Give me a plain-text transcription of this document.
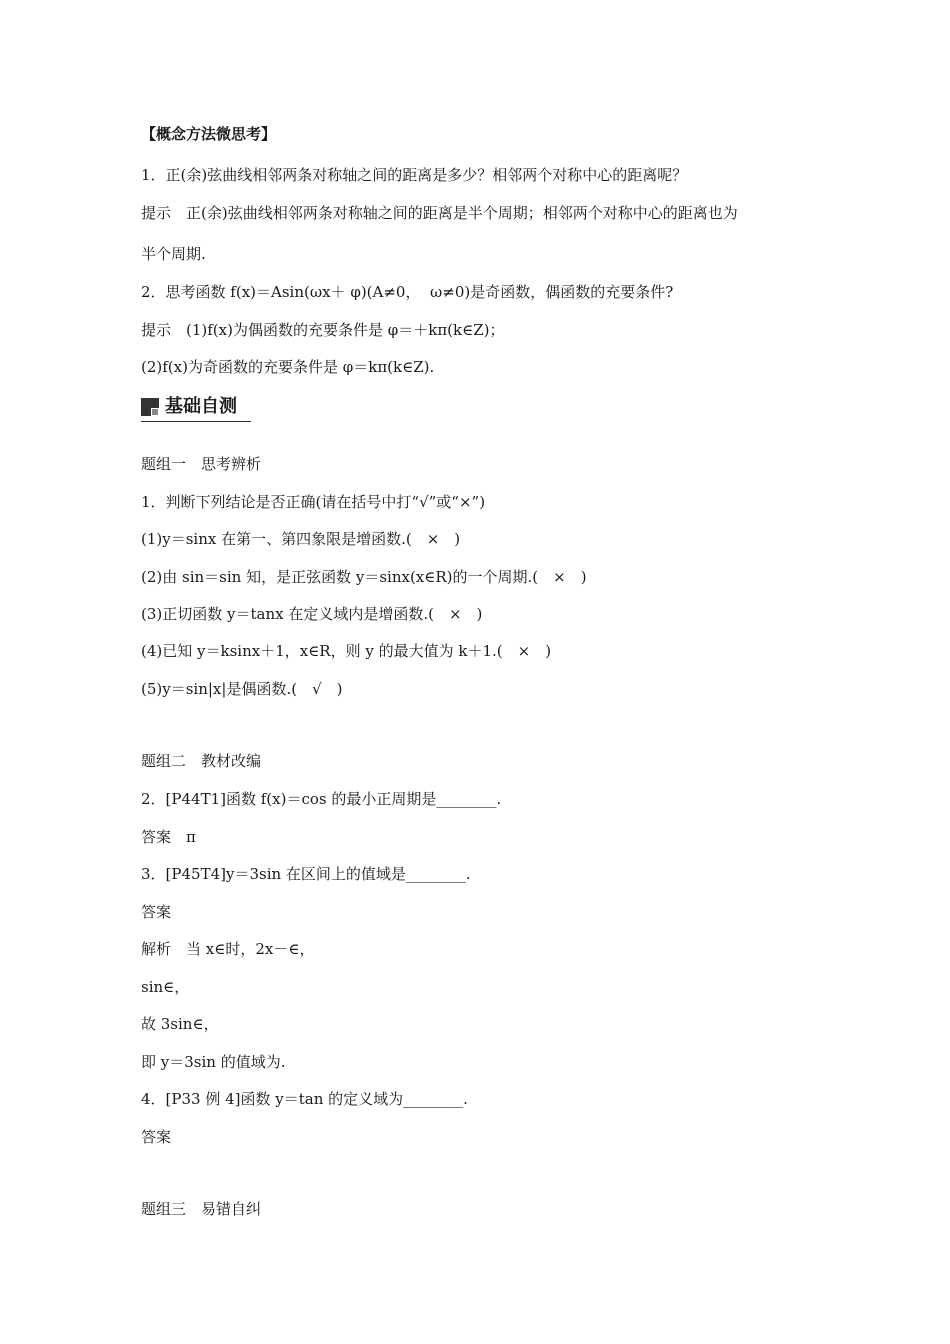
【概念方法微思考】
1．正(余)弦曲线相邻两条对称轴之间的距离是多少？相邻两个对称中心的距离呢？
提示　正(余)弦曲线相邻两条对称轴之间的距离是半个周期；相邻两个对称中心的距离也为
半个周期.
2．思考函数 f(x)＝Asin(ωx＋ φ)(A≠0，  ω≠0)是奇函数，偶函数的充要条件?
提示　(1)f(x)为偶函数的充要条件是 φ＝＋kπ(k∈Z)；
(2)f(x)为奇函数的充要条件是 φ＝kπ(k∈Z).
基础自测
题组一　思考辨析
1．判断下列结论是否正确(请在括号中打“√”或“×”)
(1)y＝sinx 在第一、第四象限是增函数.(　×　)
(2)由 sin＝sin 知，是正弦函数 y＝sinx(x∈R)的一个周期.(　×　)
(3)正切函数 y＝tanx 在定义域内是增函数.(　×　)
(4)已知 y＝ksinx＋1，x∈R，则 y 的最大值为 k＋1.(　×　)
(5)y＝sin|x|是偶函数.(　√　)
题组二　教材改编
2．[P44T1]函数 f(x)＝cos 的最小正周期是________.
答案　π
3．[P45T4]y＝3sin 在区间上的值域是________.
答案
解析　当 x∈时，2x－∈，
sin∈，
故 3sin∈，
即 y＝3sin 的值域为.
4．[P33 例 4]函数 y＝tan 的定义域为________.
答案
题组三　易错自纠
